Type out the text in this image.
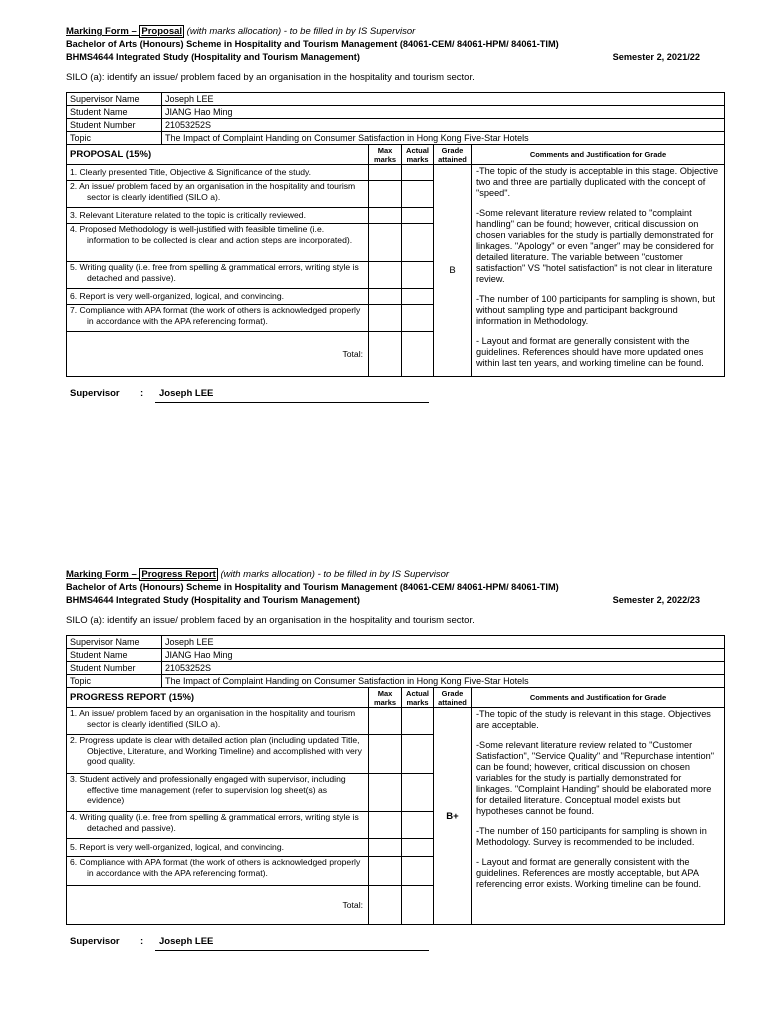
Marking Form – Proposal (with marks allocation) - to be filled in by IS Supervisor
Bachelor of Arts (Honours) Scheme in Hospitality and Tourism Management (84061-CEM/ 84061-HPM/ 84061-TIM)
BHMS4644 Integrated Study (Hospitality and Tourism Management)	Semester 2, 2021/22
SILO (a): identify an issue/ problem faced by an organisation in the hospitality and tourism sector.
Supervisor Name	Joseph LEE
Student Name	JIANG Hao Ming
Student Number	21053252S
Topic	The Impact of Complaint Handing on Consumer Satisfaction in Hong Kong Five-Star Hotels
PROPOSAL (15%)	Max marks	Actual marks	Grade attained	Comments and Justification for Grade
1. Clearly presented Title, Objective & Significance of the study.			B	-The topic of the study is acceptable in this stage. Objective two and three are partially duplicated with the concept of "speed".

-Some relevant literature review related to "complaint handling" can be found; however, critical discussion on chosen variables for the study is partially demonstrated for linkages. "Apology" or even "anger" may be considered for detailed literature. The variable between "customer satisfaction" VS "hotel satisfaction" is not clear in literature review.

-The number of 100 participants for sampling is shown, but without sampling type and participant background information in Methodology.

- Layout and format are generally consistent with the guidelines. References should have more updated ones within last ten years, and working timeline can be found.

2. An issue/ problem faced by an organisation in the hospitality and tourism sector is clearly identified (SILO a).				
3. Relevant Literature related to the topic is critically reviewed.				
4. Proposed Methodology is well-justified with feasible timeline (i.e. information to be collected is clear and action steps are incorporated).				
5. Writing quality (i.e. free from spelling & grammatical errors, writing style is detached and passive).				
6. Report is very well-organized, logical, and convincing.				
7. Compliance with APA format (the work of others is acknowledged properly in accordance with the APA referencing format).				
Total:				
Supervisor :	Joseph LEE
Marking Form – Progress Report (with marks allocation) - to be filled in by IS Supervisor
Bachelor of Arts (Honours) Scheme in Hospitality and Tourism Management (84061-CEM/ 84061-HPM/ 84061-TIM)
BHMS4644 Integrated Study (Hospitality and Tourism Management)	Semester 2, 2022/23
SILO (a): identify an issue/ problem faced by an organisation in the hospitality and tourism sector.
Supervisor Name	Joseph LEE
Student Name	JIANG Hao Ming
Student Number	21053252S
Topic	The Impact of Complaint Handing on Consumer Satisfaction in Hong Kong Five-Star Hotels
PROGRESS REPORT (15%)	Max marks	Actual marks	Grade attained	Comments and Justification for Grade
1. An issue/ problem faced by an organisation in the hospitality and tourism sector is clearly identified (SILO a).			B+	-The topic of the study is relevant in this stage. Objectives are acceptable.

-Some relevant literature review related to "Customer Satisfaction", "Service Quality" and "Repurchase intention" can be found; however, critical discussion on chosen variables for the study is partially demonstrated for linkages. "Complaint Handing" should be elaborated more for detailed literature. Conceptual model exists but hypotheses cannot be found.

-The number of 150 participants for sampling is shown in Methodology. Survey is recommended to be included.

- Layout and format are generally consistent with the guidelines. References are mostly acceptable, but APA referencing error exists. Working timeline can be found.

2. Progress update is clear with detailed action plan (including updated Title, Objective, Literature, and Working Timeline) and accomplished with very good quality.				
3. Student actively and professionally engaged with supervisor, including effective time management (refer to supervision log sheet(s) as evidence)				
4. Writing quality (i.e. free from spelling & grammatical errors, writing style is detached and passive).				
5. Report is very well-organized, logical, and convincing.				
6. Compliance with APA format (the work of others is acknowledged properly in accordance with the APA referencing format).				
Total:				
Supervisor :	Joseph LEE
